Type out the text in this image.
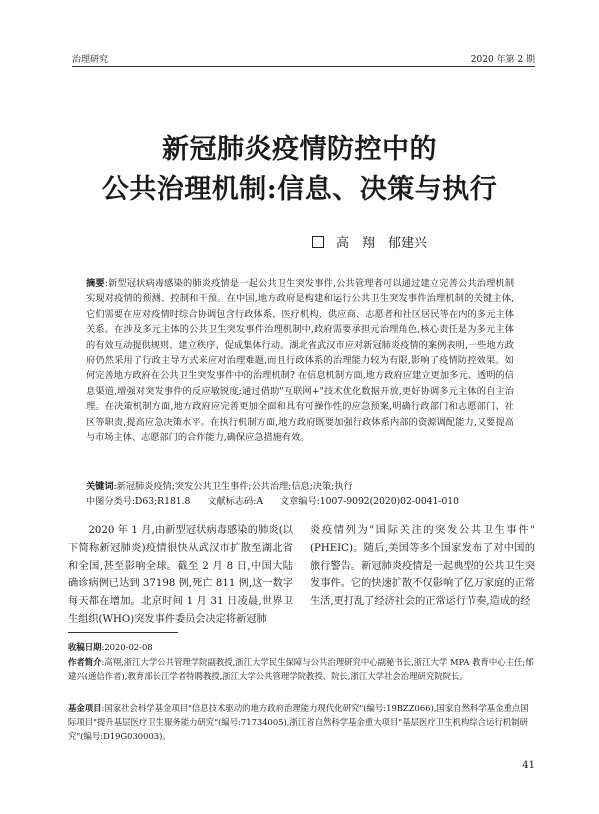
治理研究	2020 年第 2 期
新冠肺炎疫情防控中的
公共治理机制:信息、决策与执行
高　翔　郁建兴
摘要:新型冠状病毒感染的肺炎疫情是一起公共卫生突发事件,公共管理者可以通过建立完善公共治理机制实现对疫情的预测、控制和干预。在中国,地方政府是构建和运行公共卫生突发事件治理机制的关键主体,它们需要在应对疫情时综合协调包含行政体系、医疗机构、供应商、志愿者和社区居民等在内的多元主体关系。在涉及多元主体的公共卫生突发事件治理机制中,政府需要承担元治理角色,核心责任是为多元主体的有效互动提供规则、建立秩序、促成集体行动。湖北省武汉市应对新冠肺炎疫情的案例表明,一些地方政府仍然采用了行政主导方式来应对治理难题,而且行政体系的治理能力较为有限,影响了疫情防控效果。如何完善地方政府在公共卫生突发事件中的治理机制? 在信息机制方面,地方政府应建立更加多元、透明的信息渠道,增强对突发事件的反应敏锐度;通过借助"互联网+"技术优化数据开放,更好协调多元主体的自主治理。在决策机制方面,地方政府应完善更加全面和具有可操作性的应急预案,明确行政部门和志愿部门、社区等职责,提高应急决策水平。在执行机制方面,地方政府既要加强行政体系内部的资源调配能力,又要提高与市场主体、志愿部门的合作能力,确保应急措施有效。
关键词:新冠肺炎疫情;突发公共卫生事件;公共治理;信息;决策;执行
中图分类号:D63;R181.8 文献标志码:A 文章编号:1007-9092(2020)02-0041-010
2020 年 1 月,由新型冠状病毒感染的肺炎(以下简称新冠肺炎)疫情很快从武汉市扩散至湖北省和全国,甚至影响全球。截至 2 月 8 日,中国大陆确诊病例已达到 37198 例,死亡 811 例,这一数字每天都在增加。北京时间 1 月 31 日凌晨,世界卫生组织(WHO)突发事件委员会决定将新冠肺
炎疫情列为"国际关注的突发公共卫生事件"(PHEIC)。随后,美国等多个国家发布了对中国的旅行警告。新冠肺炎疫情是一起典型的公共卫生突发事件。它的快速扩散不仅影响了亿万家庭的正常生活,更打乱了经济社会的正常运行节奏,造成的经
收稿日期:2020-02-08
作者简介:高翔,浙江大学公共管理学院副教授,浙江大学民生保障与公共治理研究中心副秘书长,浙江大学 MPA 教育中心主任;郁建兴(通信作者),教育部长江学者特聘教授,浙江大学公共管理学院教授、院长,浙江大学社会治理研究院院长。
基金项目:国家社会科学基金项目"信息技术驱动的地方政府治理能力现代化研究"(编号:19BZZ066),国家自然科学基金重点国际项目"提升基层医疗卫生服务能力研究"(编号:71734005),浙江省自然科学基金重大项目"基层医疗卫生机构综合运行机制研究"(编号:D19G030003)。
41
